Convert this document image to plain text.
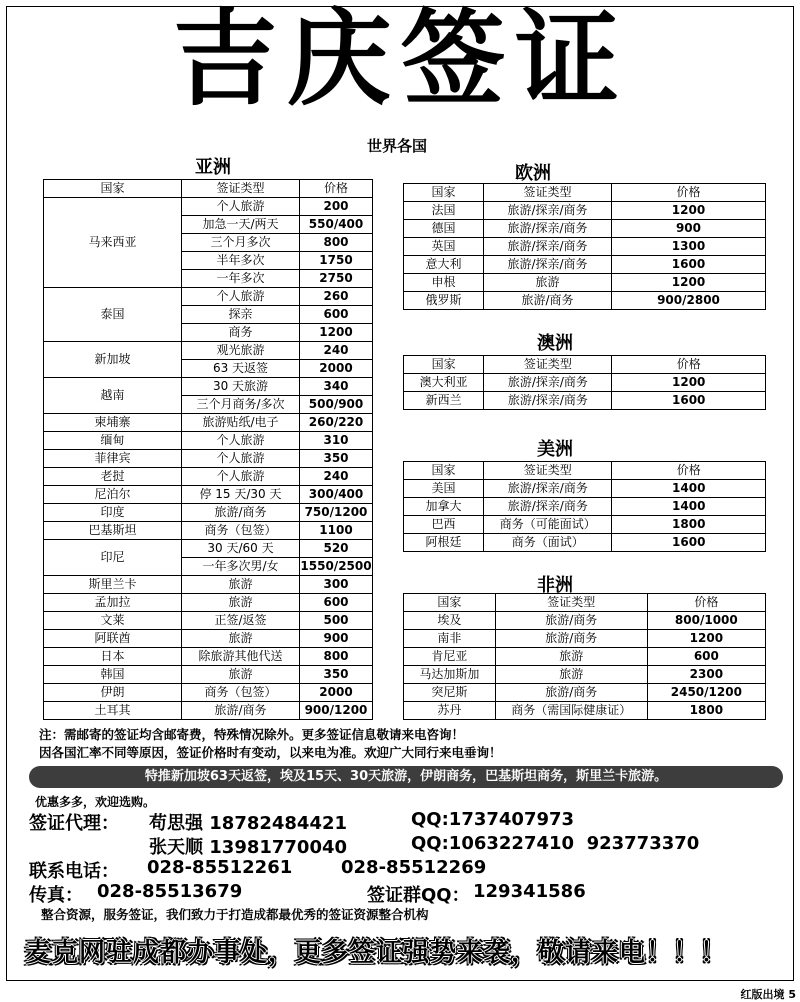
吉庆签证
世界各国
亚洲	欧洲
澳洲
美洲
非洲
国家	签证类型	价格
马来西亚	个人旅游	200
	加急一天/两天	550/400
	三个月多次	800
	半年多次	1750
	一年多次	2750
泰国	个人旅游	260
	探亲	600
	商务	1200
新加坡	观光旅游	240
	63 天返签	2000
越南	30 天旅游	340
	三个月商务/多次	500/900
柬埔寨	旅游贴纸/电子	260/220
缅甸	个人旅游	310
菲律宾	个人旅游	350
老挝	个人旅游	240
尼泊尔	停 15 天/30 天	300/400
印度	旅游/商务	750/1200
巴基斯坦	商务（包签）	1100
印尼	30 天/60 天	520
	一年多次男/女	1550/2500
斯里兰卡	旅游	300
孟加拉	旅游	600
文莱	正签/返签	500
阿联酋	旅游	900
日本	除旅游其他代送	800
韩国	旅游	350
伊朗	商务（包签）	2000
土耳其	旅游/商务	900/1200
国家	签证类型	价格
法国	旅游/探亲/商务	1200
德国	旅游/探亲/商务	900
英国	旅游/探亲/商务	1300
意大利	旅游/探亲/商务	1600
申根	旅游	1200
俄罗斯	旅游/商务	900/2800
国家	签证类型	价格
澳大利亚	旅游/探亲/商务	1200
新西兰	旅游/探亲/商务	1600
国家	签证类型	价格
美国	旅游/探亲/商务	1400
加拿大	旅游/探亲/商务	1400
巴西	商务（可能面试）	1800
阿根廷	商务（面试）	1600
国家	签证类型	价格
埃及	旅游/商务	800/1000
南非	旅游/商务	1200
肯尼亚	旅游	600
马达加斯加	旅游	2300
突尼斯	旅游/商务	2450/1200
苏丹	商务（需国际健康证）	1800
注：需邮寄的签证均含邮寄费，特殊情况除外。更多签证信息敬请来电咨询！
因各国汇率不同等原因，签证价格时有变动，以来电为准。欢迎广大同行来电垂询！
特推新加坡63天返签，埃及15天、30天旅游，伊朗商务，巴基斯坦商务，斯里兰卡旅游。
优惠多多，欢迎选购。
签证代理： 苟思强 18782484421	QQ:1737407973
张天顺 13981770040	QQ:1063227410  923773370
联系电话： 028-85512261	028-85512269
传真： 028-85513679	签证群QQ： 129341586
整合资源，服务签证，我们致力于打造成都最优秀的签证资源整合机构
麦克网驻成都办事处，更多签证强势来袭，敬请来电！！！
红版出境 5
